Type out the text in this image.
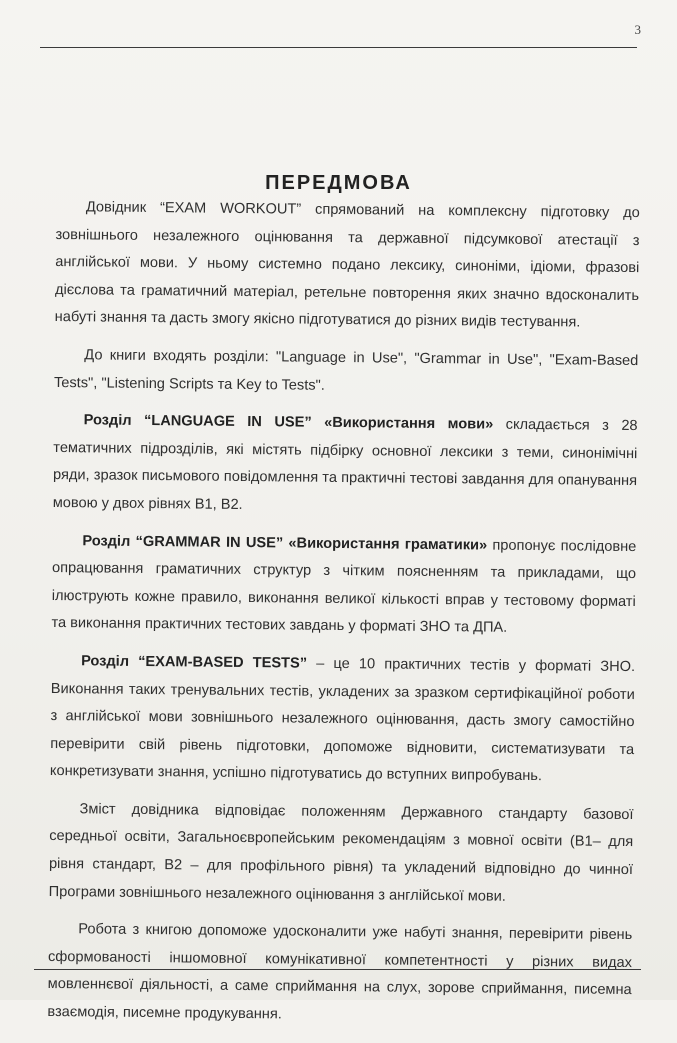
3
ПЕРЕДМОВА

Довідник “EXAM WORKOUT” спрямований на комплексну підготовку до зовнішнього незалежного оцінювання та державної підсумкової атестації з англійської мови. У ньому системно подано лексику, синоніми, ідіоми, фразові дієслова та граматичний матеріал, ретельне повторення яких значно вдосконалить набуті знання та дасть змогу якісно підготуватися до різних видів тестування.

До книги входять розділи: "Language in Use", "Grammar in Use", "Exam-Based Tests", "Listening Scripts та Key to Tests".

Розділ “LANGUAGE IN USE” «Використання мови» складається з 28 тематичних підрозділів, які містять підбірку основної лексики з теми, синонімічні ряди, зразок письмового повідомлення та практичні тестові завдання для опанування мовою у двох рівнях В1, В2.

Розділ “GRAMMAR IN USE” «Використання граматики» пропонує послідовне опрацювання граматичних структур з чітким поясненням та прикладами, що ілюструють кожне правило, виконання великої кількості вправ у тестовому форматі та виконання практичних тестових завдань у форматі ЗНО та ДПА.

Розділ “EXAM-BASED TESTS” – це 10 практичних тестів у форматі ЗНО. Виконання таких тренувальних тестів, укладених за зразком сертифікаційної роботи з англійської мови зовнішнього незалежного оцінювання, дасть змогу самостійно перевірити свій рівень підготовки, допоможе відновити, систематизувати та конкретизувати знання, успішно підготуватись до вступних випробувань.

Зміст довідника відповідає положенням Державного стандарту базової середньої освіти, Загальноєвропейським рекомендаціям з мовної освіти (В1– для рівня стандарт, В2 – для профільного рівня) та укладений відповідно до чинної Програми зовнішнього незалежного оцінювання з англійської мови.

Робота з книгою допоможе удосконалити уже набуті знання, перевірити рівень сформованості іншомовної комунікативної компетентності у різних видах мовленнєвої діяльності, а саме сприймання на слух, зорове сприймання, писемна взаємодія, писемне продукування.
